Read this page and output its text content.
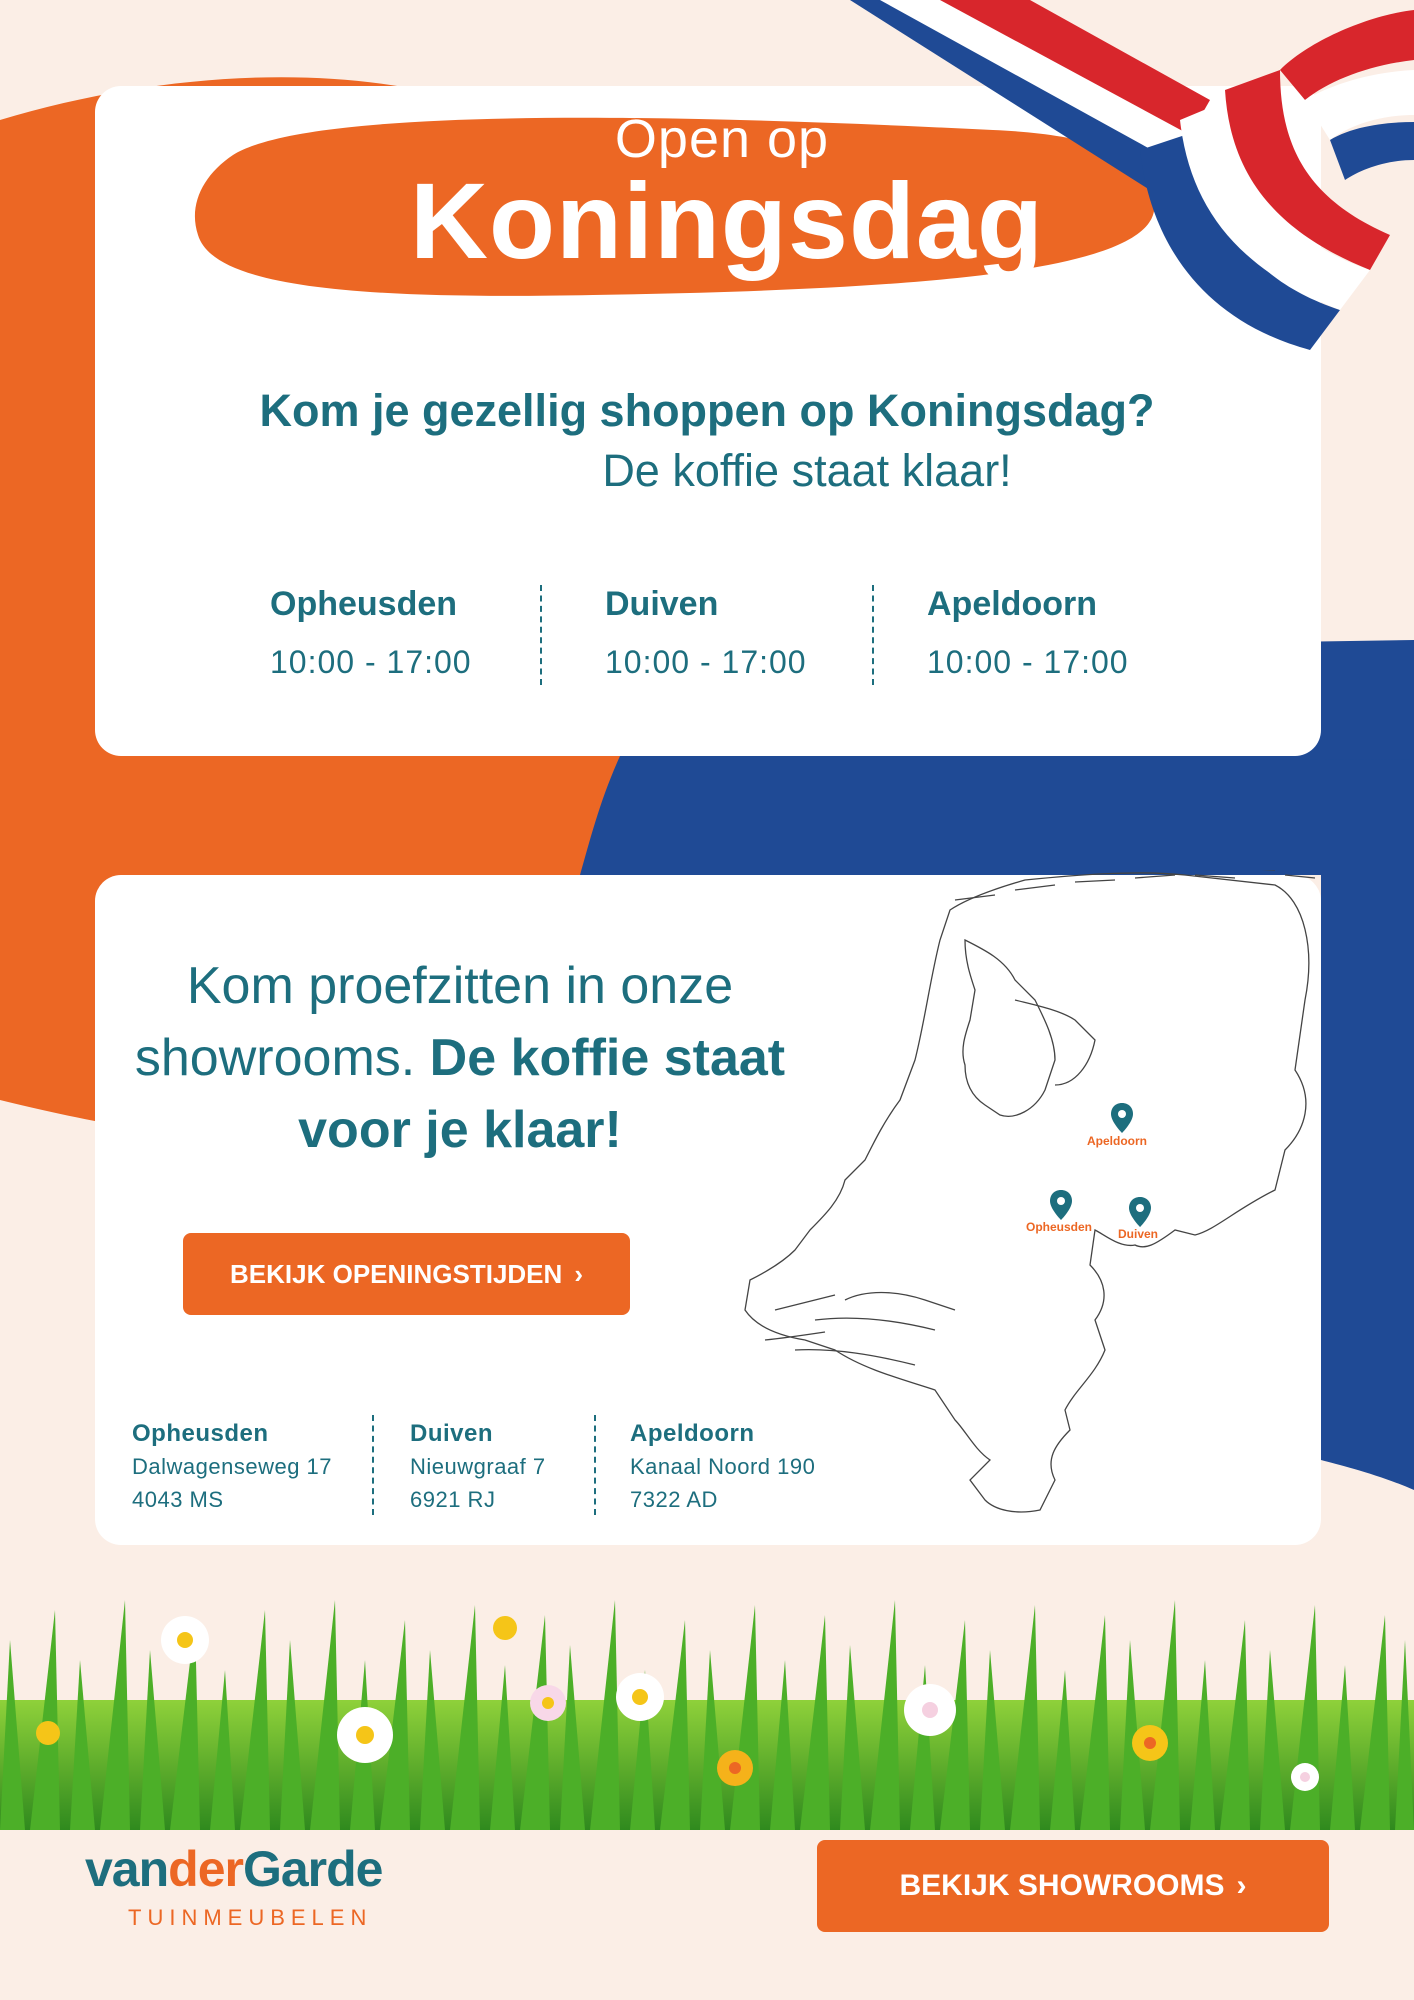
Open op
Koningsdag
Kom je gezellig shoppen op Koningsdag?
De koffie staat klaar!
Opheusden
10:00 - 17:00
Duiven
10:00 - 17:00
Apeldoorn
10:00 - 17:00
Kom proefzitten in onze showrooms. De koffie staat voor je klaar!
BEKIJK OPENINGSTIJDEN ›
Apeldoorn
Opheusden Duiven
Opheusden
Dalwagenseweg 17
4043 MS
Duiven
Nieuwgraaf 7
6921 RJ
Apeldoorn
Kanaal Noord 190
7322 AD
vanderGarde
TUINMEUBELEN
BEKIJK SHOWROOMS ›
